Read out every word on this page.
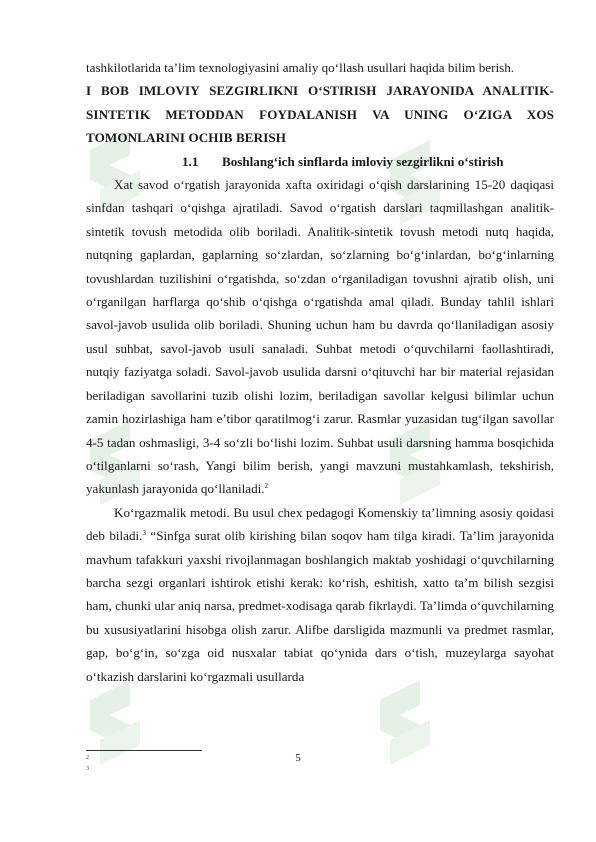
tashkilotlarida ta’lim texnologiyasini amaliy qo‘llash usullari haqida bilim berish.

I BOB IMLOVIY SEZGIRLIKNI O‘STIRISH JARAYONIDA ANALITIK-SINTETIK METODDAN FOYDALANISH VA UNING O‘ZIGA XOS TOMONLARINI OCHIB BERISH

1.1 Boshlang‘ich sinflarda imloviy sezgirlikni o‘stirish

Xat savod o‘rgatish jarayonida xafta oxiridagi o‘qish darslarining 15-20 daqiqasi sinfdan tashqari o‘qishga ajratiladi. Savod o‘rgatish darslari taqmillashgan analitik-sintetik tovush metodida olib boriladi. Analitik-sintetik tovush metodi nutq haqida, nutqning gaplardan, gaplarning so‘zlardan, so‘zlarning bo‘g‘inlardan, bo‘g‘inlarning tovushlardan tuzilishini o‘rgatishda, so‘zdan o‘rganiladigan tovushni ajratib olish, uni o‘rganilgan harflarga qo‘shib o‘qishga o‘rgatishda amal qiladi. Bunday tahlil ishlari savol-javob usulida olib boriladi. Shuning uchun ham bu davrda qo‘llaniladigan asosiy usul suhbat, savol-javob usuli sanaladi. Suhbat metodi o‘quvchilarni faollashtiradi, nutqiy faziyatga soladi. Savol-javob usulida darsni o‘qituvchi har bir material rejasidan beriladigan savollarini tuzib olishi lozim, beriladigan savollar kelgusi bilimlar uchun zamin hozirlashiga ham e’tibor qaratilmog‘i zarur. Rasmlar yuzasidan tug‘ilgan savollar 4-5 tadan oshmasligi, 3-4 so‘zli bo‘lishi lozim. Suhbat usuli darsning hamma bosqichida o‘tilganlarni so‘rash, Yangi bilim berish, yangi mavzuni mustahkamlash, tekshirish, yakunlash jarayonida qo‘llaniladi.$^2$

Ko‘rgazmalik metodi. Bu usul chex pedagogi Komenskiy ta’limning asosiy qoidasi deb biladi.$^3$ “Sinfga surat olib kirishing bilan soqov ham tilga kiradi. Ta’lim jarayonida mavhum tafakkuri yaxshi rivojlanmagan boshlangich maktab yoshidagi o‘quvchilarning barcha sezgi organlari ishtirok etishi kerak: ko‘rish, eshitish, xatto ta’m bilish sezgisi ham, chunki ular aniq narsa, predmet-xodisaga qarab fikrlaydi. Ta’limda o‘quvchilarning bu xususiyatlarini hisobga olish zarur. Alifbe darsligida mazmunli va predmet rasmlar, gap, bo‘g‘in, so‘zga oid nusxalar tabiat qo‘ynida dars o‘tish, muzeylarga sayohat o‘tkazish darslarini ko‘rgazmali usullarda

2
3
5
